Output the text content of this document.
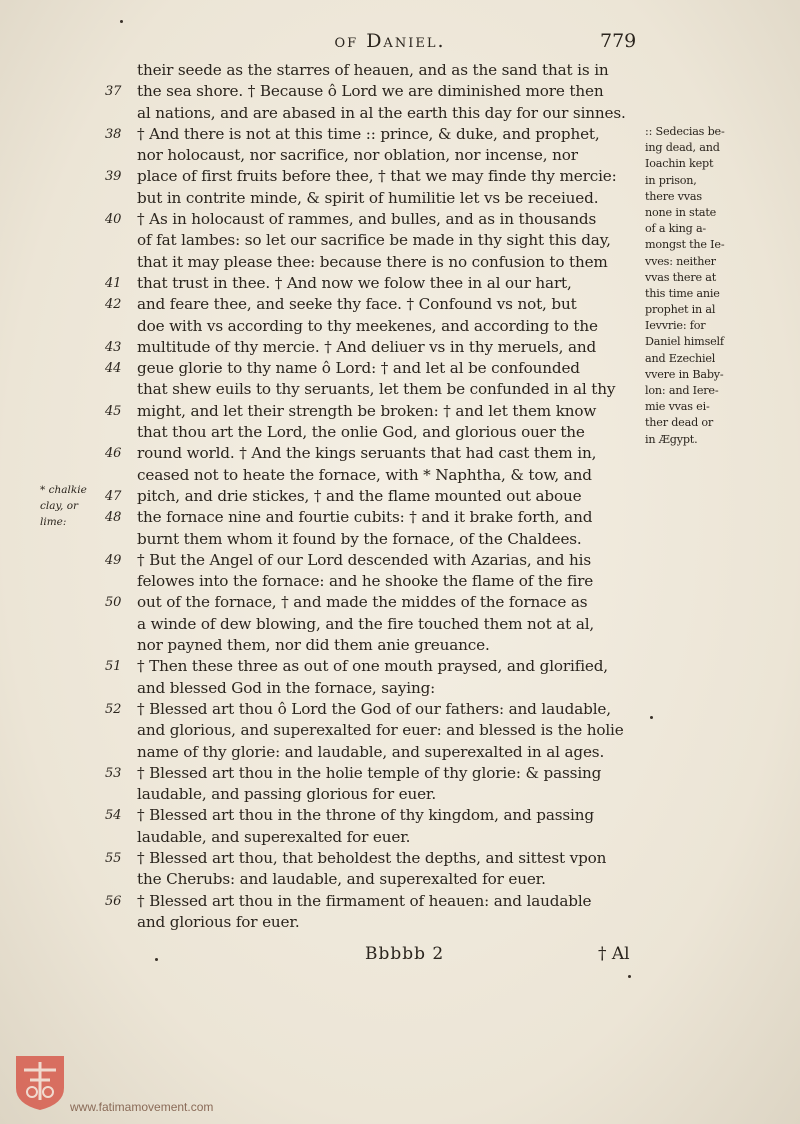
of Daniel.	779
their seede as the starres of heauen, and as the sand that is in
37	the sea shore. † Because ô Lord we are diminished more then
al nations, and are abased in al the earth this day for our sinnes.
38	† And there is not at this time :: prince, & duke, and prophet,
nor holocaust, nor sacrifice, nor oblation, nor incense, nor
39	place of first fruits before thee, † that we may finde thy mercie:
but in contrite minde, & spirit of humilitie let vs be receiued.
40	† As in holocaust of rammes, and bulles, and as in thousands
of fat lambes: so let our sacrifice be made in thy sight this day,
that it may please thee: because there is no confusion to them
41	that trust in thee. † And now we folow thee in al our hart,
42	and feare thee, and seeke thy face. † Confound vs not, but
doe with vs according to thy meekenes, and according to the
43	multitude of thy mercie. † And deliuer vs in thy meruels, and
44	geue glorie to thy name ô Lord: † and let al be confounded
that shew euils to thy seruants, let them be confunded in al thy
45	might, and let their strength be broken: † and let them know
that thou art the Lord, the onlie God, and glorious ouer the
46	round world. † And the kings seruants that had cast them in,
ceased not to heate the fornace, with * Naphtha, & tow, and
47	pitch, and drie stickes, † and the flame mounted out aboue
48	the fornace nine and fourtie cubits: † and it brake forth, and
burnt them whom it found by the fornace, of the Chaldees.
49	† But the Angel of our Lord descended with Azarias, and his
felowes into the fornace: and he shooke the flame of the fire
50	out of the fornace, † and made the middes of the fornace as
a winde of dew blowing, and the fire touched them not at al,
nor payned them, nor did them anie greuance.
51	† Then these three as out of one mouth praysed, and glorified,
and blessed God in the fornace, saying:
52	† Blessed art thou ô Lord the God of our fathers: and laudable,
and glorious, and superexalted for euer: and blessed is the holie
name of thy glorie: and laudable, and superexalted in al ages.
53	† Blessed art thou in the holie temple of thy glorie: & passing
laudable, and passing glorious for euer.
54	† Blessed art thou in the throne of thy kingdom, and passing
laudable, and superexalted for euer.
55	† Blessed art thou, that beholdest the depths, and sittest vpon
the Cherubs: and laudable, and superexalted for euer.
56	† Blessed art thou in the firmament of heauen: and laudable
and glorious for euer.
:: Sedecias be-
ing dead, and
Ioachin kept
in prison,
there vvas
none in state
of a king a-
mongst the Ie-
vves: neither
vvas there at
this time anie
prophet in al
Ievvrie: for
Daniel himself
and Ezechiel
vvere in Baby-
lon: and Iere-
mie vvas ei-
ther dead or
in Ægypt.
* chalkie
clay, or
lime:
Bbbbb 2	† Al
www.fatimamovement.com
